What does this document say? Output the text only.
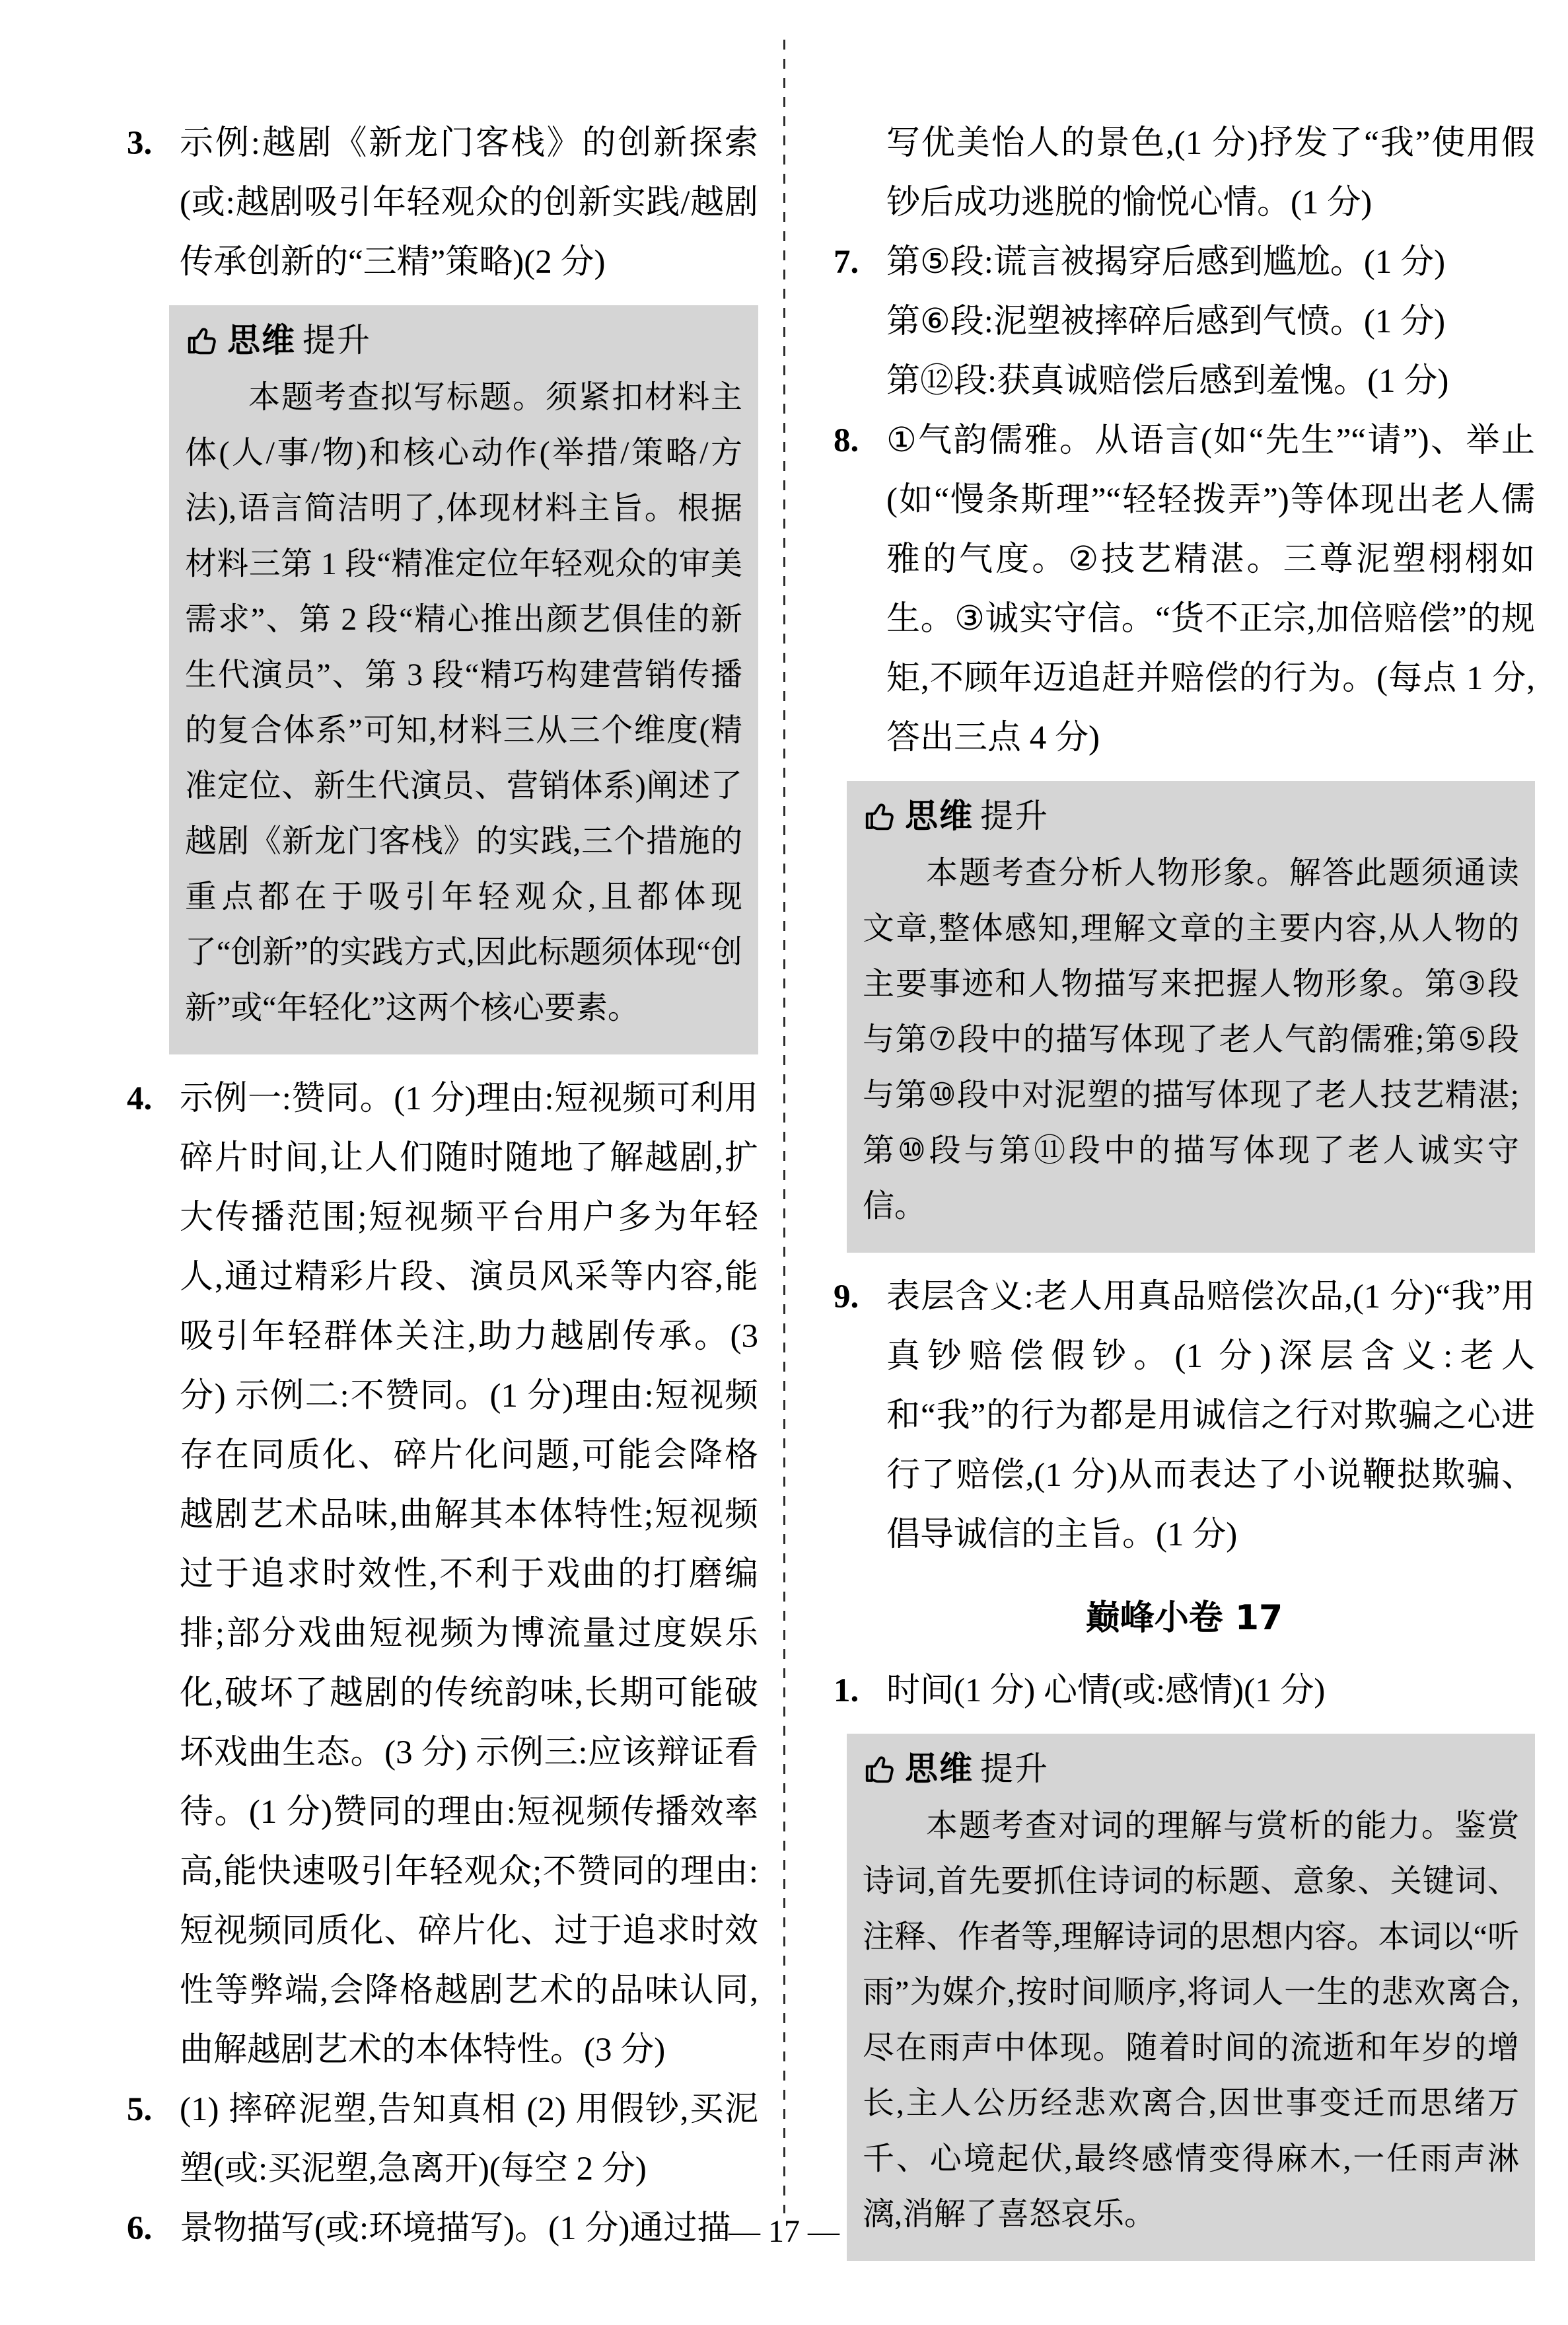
3. 示例:越剧《新龙门客栈》的创新探索(或:越剧吸引年轻观众的创新实践/越剧传承创新的“三精”策略)(2 分)
思维 提升
本题考查拟写标题。须紧扣材料主体(人/事/物)和核心动作(举措/策略/方法),语言简洁明了,体现材料主旨。根据材料三第 1 段“精准定位年轻观众的审美需求”、第 2 段“精心推出颜艺俱佳的新生代演员”、第 3 段“精巧构建营销传播的复合体系”可知,材料三从三个维度(精准定位、新生代演员、营销体系)阐述了越剧《新龙门客栈》的实践,三个措施的重点都在于吸引年轻观众,且都体现了“创新”的实践方式,因此标题须体现“创新”或“年轻化”这两个核心要素。
4. 示例一:赞同。(1 分)理由:短视频可利用碎片时间,让人们随时随地了解越剧,扩大传播范围;短视频平台用户多为年轻人,通过精彩片段、演员风采等内容,能吸引年轻群体关注,助力越剧传承。(3 分) 示例二:不赞同。(1 分)理由:短视频存在同质化、碎片化问题,可能会降格越剧艺术品味,曲解其本体特性;短视频过于追求时效性,不利于戏曲的打磨编排;部分戏曲短视频为博流量过度娱乐化,破坏了越剧的传统韵味,长期可能破坏戏曲生态。(3 分) 示例三:应该辩证看待。(1 分)赞同的理由:短视频传播效率高,能快速吸引年轻观众;不赞同的理由:短视频同质化、碎片化、过于追求时效性等弊端,会降格越剧艺术的品味认同,曲解越剧艺术的本体特性。(3 分)
5. (1) 摔碎泥塑,告知真相 (2) 用假钞,买泥塑(或:买泥塑,急离开)(每空 2 分)
6. 景物描写(或:环境描写)。(1 分)通过描
写优美怡人的景色,(1 分)抒发了“我”使用假钞后成功逃脱的愉悦心情。(1 分)
7. 第⑤段:谎言被揭穿后感到尴尬。(1 分)
第⑥段:泥塑被摔碎后感到气愤。(1 分)
第⑫段:获真诚赔偿后感到羞愧。(1 分)
8. ①气韵儒雅。从语言(如“先生”“请”)、举止(如“慢条斯理”“轻轻拨弄”)等体现出老人儒雅的气度。②技艺精湛。三尊泥塑栩栩如生。③诚实守信。“货不正宗,加倍赔偿”的规矩,不顾年迈追赶并赔偿的行为。(每点 1 分,答出三点 4 分)
思维 提升
本题考查分析人物形象。解答此题须通读文章,整体感知,理解文章的主要内容,从人物的主要事迹和人物描写来把握人物形象。第③段与第⑦段中的描写体现了老人气韵儒雅;第⑤段与第⑩段中对泥塑的描写体现了老人技艺精湛;第⑩段与第⑪段中的描写体现了老人诚实守信。
9. 表层含义:老人用真品赔偿次品,(1 分)“我”用真钞赔偿假钞。(1 分)深层含义:老人和“我”的行为都是用诚信之行对欺骗之心进行了赔偿,(1 分)从而表达了小说鞭挞欺骗、倡导诚信的主旨。(1 分)
巅峰小卷 17
1. 时间(1 分) 心情(或:感情)(1 分)
思维 提升
本题考查对词的理解与赏析的能力。鉴赏诗词,首先要抓住诗词的标题、意象、关键词、注释、作者等,理解诗词的思想内容。本词以“听雨”为媒介,按时间顺序,将词人一生的悲欢离合,尽在雨声中体现。随着时间的流逝和年岁的增长,主人公历经悲欢离合,因世事变迁而思绪万千、心境起伏,最终感情变得麻木,一任雨声淋漓,消解了喜怒哀乐。
— 17 —
